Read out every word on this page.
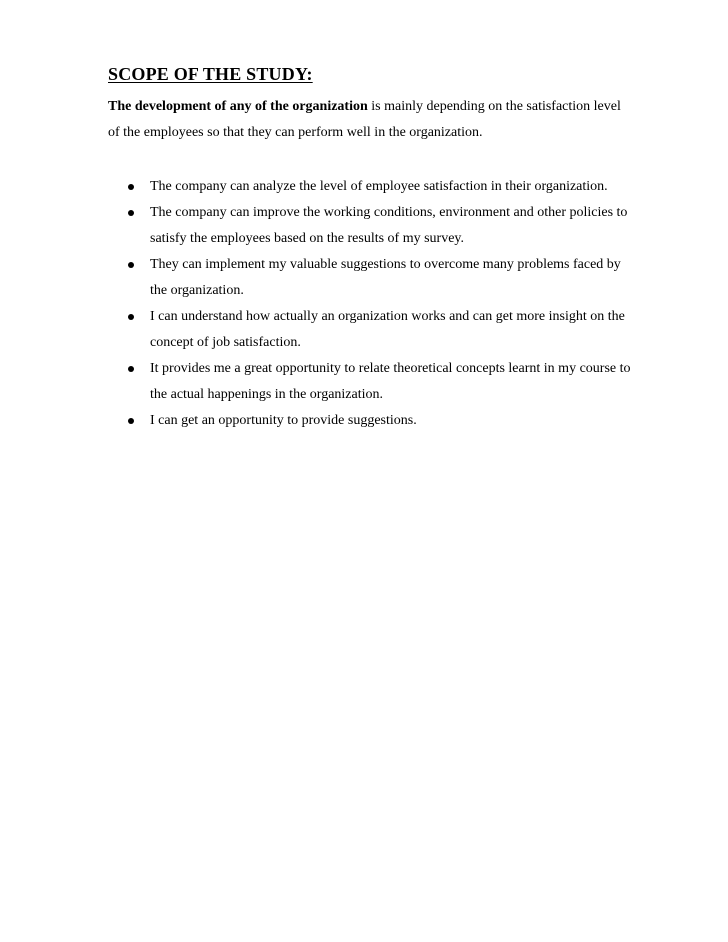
SCOPE OF THE STUDY:

The development of any of the organization is mainly depending on the satisfaction level
of the employees so that they can perform well in the organization.

The company can analyze the level of employee satisfaction in their organization.
The company can improve the working conditions, environment and other policies to
satisfy the employees based on the results of my survey.
They can implement my valuable suggestions to overcome many problems faced by
the organization.
I can understand how actually an organization works and can get more insight on the
concept of job satisfaction.
It provides me a great opportunity to relate theoretical concepts learnt in my course to
the actual happenings in the organization.
I can get an opportunity to provide suggestions.
